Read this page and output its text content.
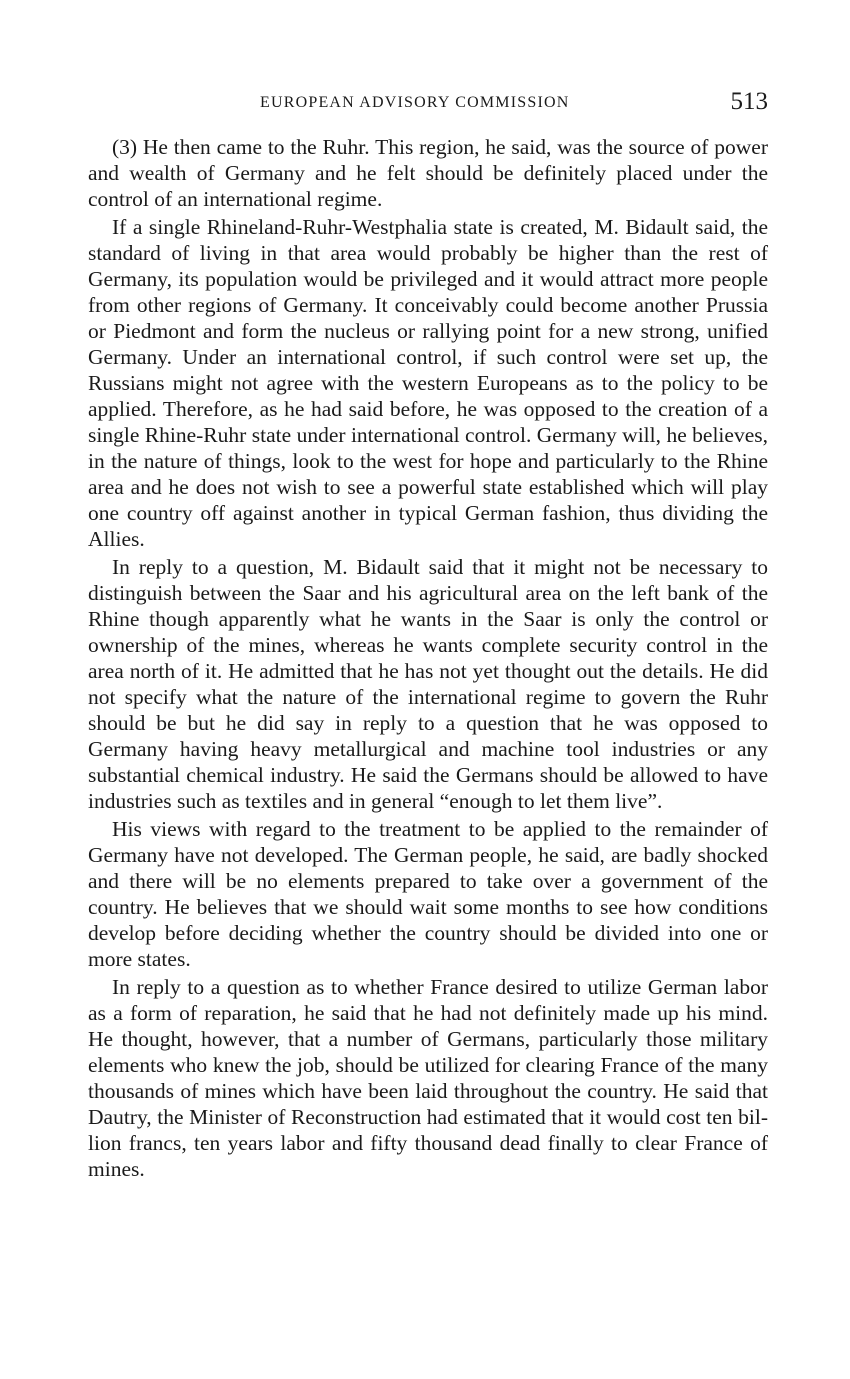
EUROPEAN ADVISORY COMMISSION	513

(3) He then came to the Ruhr. This region, he said, was the source of power and wealth of Germany and he felt should be definitely placed under the control of an international regime.

If a single Rhineland-Ruhr-Westphalia state is created, M. Bidault said, the standard of living in that area would probably be higher than the rest of Germany, its population would be privileged and it would attract more people from other regions of Germany. It conceivably could become another Prussia or Piedmont and form the nucleus or rallying point for a new strong, unified Germany. Under an international control, if such control were set up, the Russians might not agree with the western Europeans as to the policy to be applied. Therefore, as he had said before, he was opposed to the creation of a single Rhine-Ruhr state under international control. Germany will, he believes, in the nature of things, look to the west for hope and particularly to the Rhine area and he does not wish to see a powerful state established which will play one country off against another in typical German fashion, thus dividing the Allies.

In reply to a question, M. Bidault said that it might not be necessary to distinguish between the Saar and his agricultural area on the left bank of the Rhine though apparently what he wants in the Saar is only the control or ownership of the mines, whereas he wants complete security control in the area north of it. He admitted that he has not yet thought out the details. He did not specify what the nature of the international regime to govern the Ruhr should be but he did say in reply to a question that he was opposed to Germany having heavy metallurgical and machine tool industries or any substantial chemical industry. He said the Germans should be allowed to have industries such as textiles and in general “enough to let them live”.

His views with regard to the treatment to be applied to the remainder of Germany have not developed. The German people, he said, are badly shocked and there will be no elements prepared to take over a government of the country. He believes that we should wait some months to see how conditions develop before deciding whether the country should be divided into one or more states.

In reply to a question as to whether France desired to utilize German labor as a form of reparation, he said that he had not definitely made up his mind. He thought, however, that a number of Germans, particularly those military elements who knew the job, should be utilized for clearing France of the many thousands of mines which have been laid throughout the country. He said that Dautry, the Minister of Reconstruction had estimated that it would cost ten billion francs, ten years labor and fifty thousand dead finally to clear France of mines.
